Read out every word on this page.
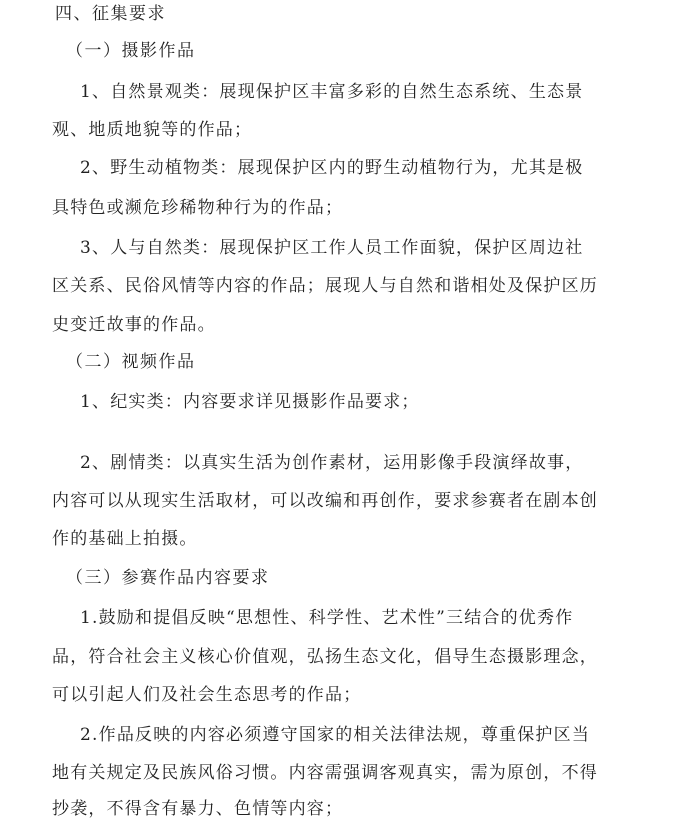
四、征集要求
（一）摄影作品
1、自然景观类：展现保护区丰富多彩的自然生态系统、生态景
观、地质地貌等的作品；
2、野生动植物类：展现保护区内的野生动植物行为，尤其是极
具特色或濒危珍稀物种行为的作品；
3、人与自然类：展现保护区工作人员工作面貌，保护区周边社
区关系、民俗风情等内容的作品；展现人与自然和谐相处及保护区历
史变迁故事的作品。
（二）视频作品
1、纪实类：内容要求详见摄影作品要求；
2、剧情类：以真实生活为创作素材，运用影像手段演绎故事，
内容可以从现实生活取材，可以改编和再创作，要求参赛者在剧本创
作的基础上拍摄。
（三）参赛作品内容要求
1.鼓励和提倡反映“思想性、科学性、艺术性”三结合的优秀作
品，符合社会主义核心价值观，弘扬生态文化，倡导生态摄影理念，
可以引起人们及社会生态思考的作品；
2.作品反映的内容必须遵守国家的相关法律法规，尊重保护区当
地有关规定及民族风俗习惯。内容需强调客观真实，需为原创，不得
抄袭，不得含有暴力、色情等内容；
